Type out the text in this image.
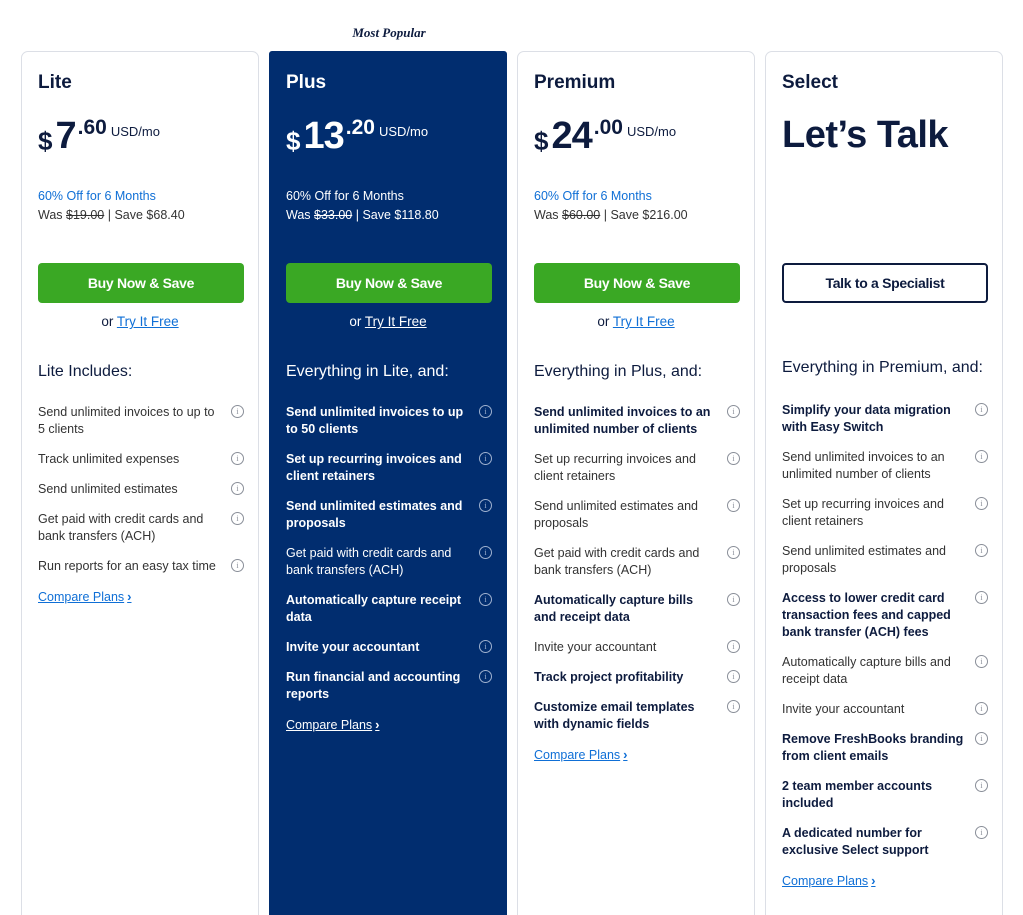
Most Popular
Lite
$ 7 .60 USD/mo
60% Off for 6 Months
Was $19.00 | Save $68.40
Buy Now & Save
or Try It Free
Lite Includes:
Send unlimited invoices to up to 5 clients
i
Track unlimited expenses	i
Send unlimited estimates	i
Get paid with credit cards and bank transfers (ACH)
i
Run reports for an easy tax time	i
Compare Plans ›
Plus
$ 13 .20 USD/mo
60% Off for 6 Months
Was $33.00 | Save $118.80
Buy Now & Save
or Try It Free
Everything in Lite, and:
Send unlimited invoices to up to 50 clients
i
Set up recurring invoices and client retainers
i
Send unlimited estimates and proposals
i
Get paid with credit cards and bank transfers (ACH)
i
Automatically capture receipt data
i
Invite your accountant	i
Run financial and accounting reports
i
Compare Plans ›
Premium
$ 24 .00 USD/mo
60% Off for 6 Months
Was $60.00 | Save $216.00
Buy Now & Save
or Try It Free
Everything in Plus, and:
Send unlimited invoices to an unlimited number of clients
i
Set up recurring invoices and client retainers
i
Send unlimited estimates and proposals
i
Get paid with credit cards and bank transfers (ACH)
i
Automatically capture bills and receipt data
i
Invite your accountant	i
Track project profitability	i
Customize email templates with dynamic fields
i
Compare Plans ›
Select
Let’s Talk
Talk to a Specialist
Everything in Premium, and:
Simplify your data migration with Easy Switch
i
Send unlimited invoices to an unlimited number of clients
i
Set up recurring invoices and client retainers
i
Send unlimited estimates and proposals
i
Access to lower credit card transaction fees and capped bank transfer (ACH) fees
i
Automatically capture bills and receipt data
i
Invite your accountant	i
Remove FreshBooks branding from client emails
i
2 team member accounts included
i
A dedicated number for exclusive Select support
i
Compare Plans ›
